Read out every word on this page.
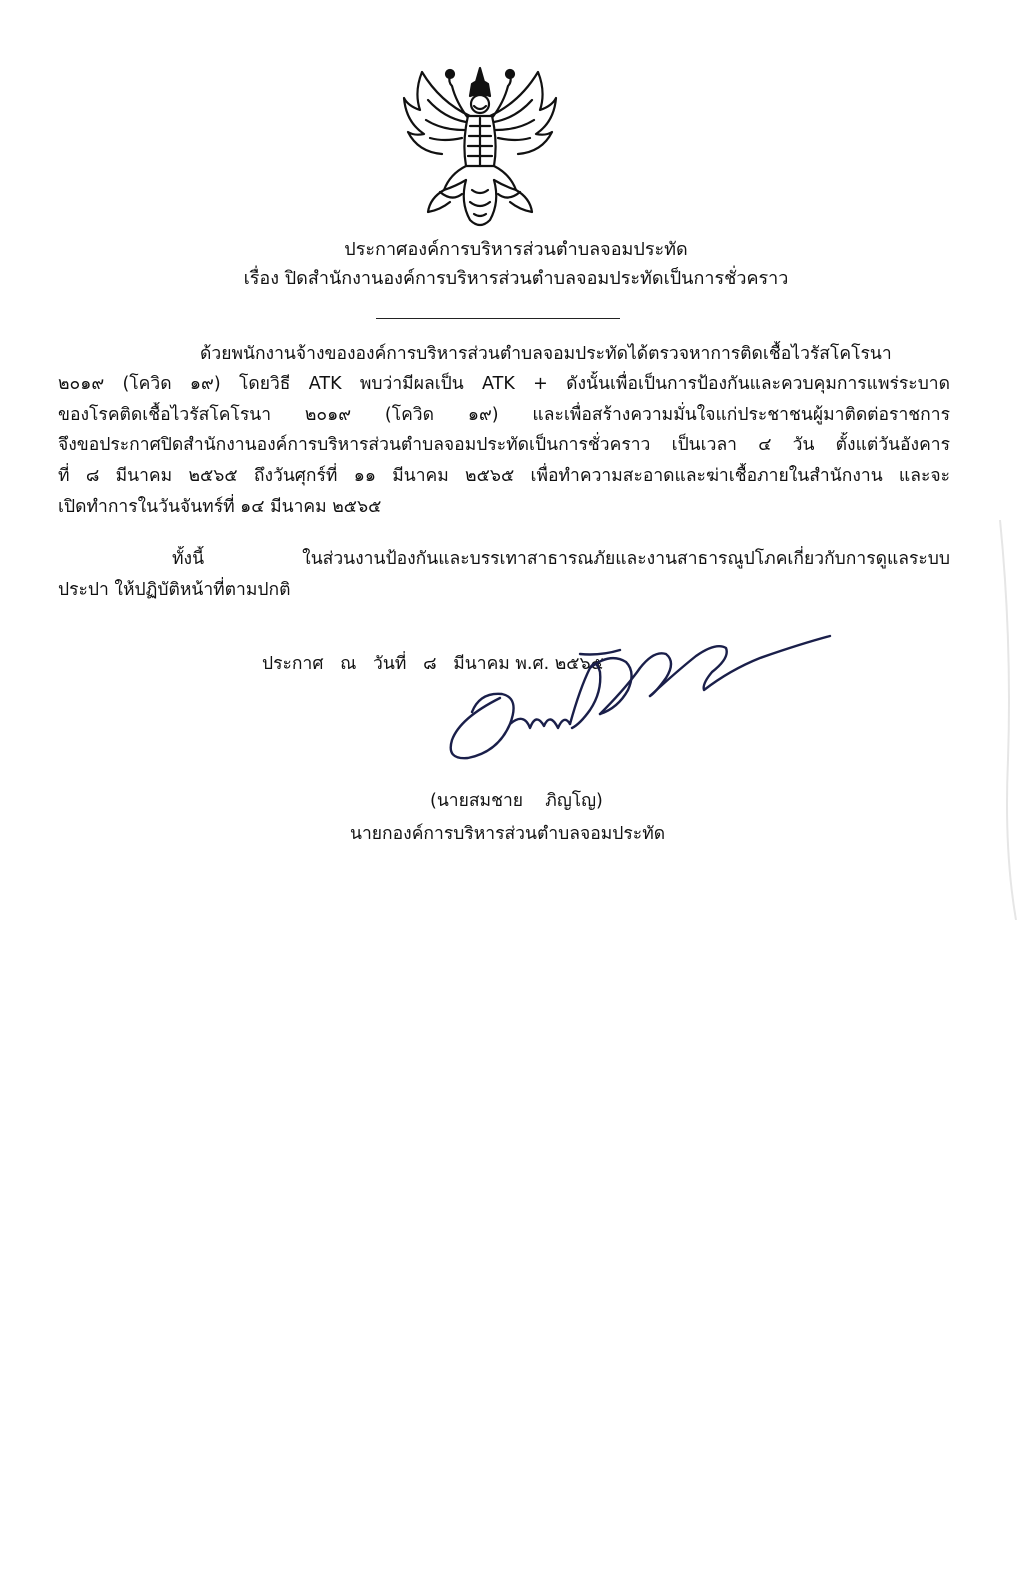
ประกาศองค์การบริหารส่วนตำบลจอมประทัด
เรื่อง ปิดสำนักงานองค์การบริหารส่วนตำบลจอมประทัดเป็นการชั่วคราว
ด้วยพนักงานจ้างขององค์การบริหารส่วนตำบลจอมประทัดได้ตรวจหาการติดเชื้อไวรัสโคโรนา
๒๐๑๙ (โควิด ๑๙) โดยวิธี ATK พบว่ามีผลเป็น ATK + ดังนั้นเพื่อเป็นการป้องกันและควบคุมการแพร่ระบาด
ของโรคติดเชื้อไวรัสโคโรนา ๒๐๑๙ (โควิด ๑๙) และเพื่อสร้างความมั่นใจแก่ประชาชนผู้มาติดต่อราชการ
จึงขอประกาศปิดสำนักงานองค์การบริหารส่วนตำบลจอมประทัดเป็นการชั่วคราว เป็นเวลา ๔ วัน ตั้งแต่วันอังคาร
ที่ ๘ มีนาคม ๒๕๖๕ ถึงวันศุกร์ที่ ๑๑ มีนาคม ๒๕๖๕ เพื่อทำความสะอาดและฆ่าเชื้อภายในสำนักงาน และจะ
เปิดทำการในวันจันทร์ที่ ๑๔ มีนาคม ๒๕๖๕
ทั้งนี้ ในส่วนงานป้องกันและบรรเทาสาธารณภัยและงานสาธารณูปโภคเกี่ยวกับการดูแลระบบ
ประปา ให้ปฏิบัติหน้าที่ตามปกติ
ประกาศ   ณ   วันที่   ๘   มีนาคม พ.ศ. ๒๕๖๕
(นายสมชาย    ภิญโญ)
นายกองค์การบริหารส่วนตำบลจอมประทัด
